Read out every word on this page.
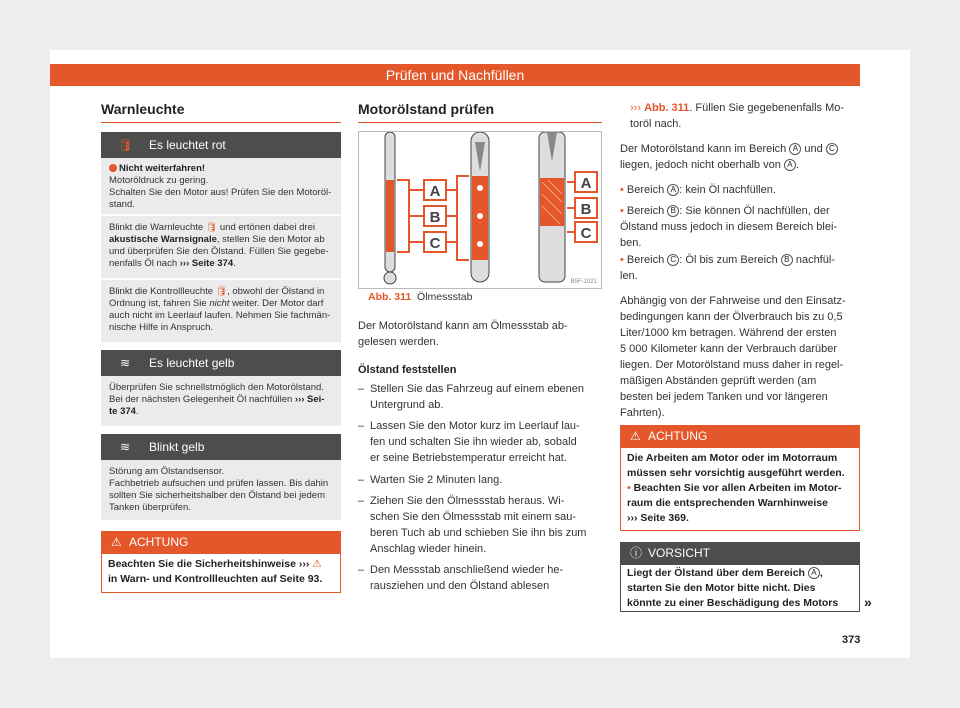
Prüfen und Nachfüllen
Warnleuchte
🛢	Es leuchtet rot
Nicht weiterfahren!
Motoröldruck zu gering.
Schalten Sie den Motor aus! Prüfen Sie den Motoröl-
stand.
Blinkt die Warnleuchte 🛢 und ertönen dabei drei
akustische Warnsignale, stellen Sie den Motor ab
und überprüfen Sie den Ölstand. Füllen Sie gegebe-
nenfalls Öl nach ››› Seite 374.
Blinkt die Kontrollleuchte 🛢, obwohl der Ölstand in
Ordnung ist, fahren Sie nicht weiter. Der Motor darf
auch nicht im Leerlauf laufen. Nehmen Sie fachmän-
nische Hilfe in Anspruch.
≋	Es leuchtet gelb
Überprüfen Sie schnellstmöglich den Motorölstand.
Bei der nächsten Gelegenheit Öl nachfüllen ››› Sei-
te 374.
≋	Blinkt gelb
Störung am Ölstandsensor.
Fachbetrieb aufsuchen und prüfen lassen. Bis dahin
sollten Sie sicherheitshalber den Ölstand bei jedem
Tanken überprüfen.
⚠ ACHTUNG
Beachten Sie die Sicherheitshinweise ››› ⚠
in Warn- und Kontrollleuchten auf Seite 93.
Motorölstand prüfen
A
B
C
A
B
C
B5F-1021
Abb. 311 Ölmessstab
Der Motorölstand kann am Ölmessstab ab-
gelesen werden.
Ölstand feststellen
– Stellen Sie das Fahrzeug auf einem ebenen
Untergrund ab.
– Lassen Sie den Motor kurz im Leerlauf lau-
fen und schalten Sie ihn wieder ab, sobald
er seine Betriebstemperatur erreicht hat.
– Warten Sie 2 Minuten lang.
– Ziehen Sie den Ölmessstab heraus. Wi-
schen Sie den Ölmessstab mit einem sau-
beren Tuch ab und schieben Sie ihn bis zum
Anschlag wieder hinein.
– Den Messstab anschließend wieder he-
rausziehen und den Ölstand ablesen
››› Abb. 311. Füllen Sie gegebenenfalls Mo-
toröl nach.
Der Motorölstand kann im Bereich A und C
liegen, jedoch nicht oberhalb von A .
• Bereich A : kein Öl nachfüllen.
• Bereich B : Sie können Öl nachfüllen, der
Ölstand muss jedoch in diesem Bereich blei-
ben.
• Bereich C : Öl bis zum Bereich B nachfül-
len.
Abhängig von der Fahrweise und den Einsatz-
bedingungen kann der Ölverbrauch bis zu 0,5
Liter/1000 km betragen. Während der ersten
5 000 Kilometer kann der Verbrauch darüber
liegen. Der Motorölstand muss daher in regel-
mäßigen Abständen geprüft werden (am
besten bei jedem Tanken und vor längeren
Fahrten).
⚠ ACHTUNG
Die Arbeiten am Motor oder im Motorraum
müssen sehr vorsichtig ausgeführt werden.
• Beachten Sie vor allen Arbeiten im Motor-
raum die entsprechenden Warnhinweise
››› Seite 369.
ⓘ VORSICHT
Liegt der Ölstand über dem Bereich A ,
starten Sie den Motor bitte nicht. Dies
könnte zu einer Beschädigung des Motors	»
373
